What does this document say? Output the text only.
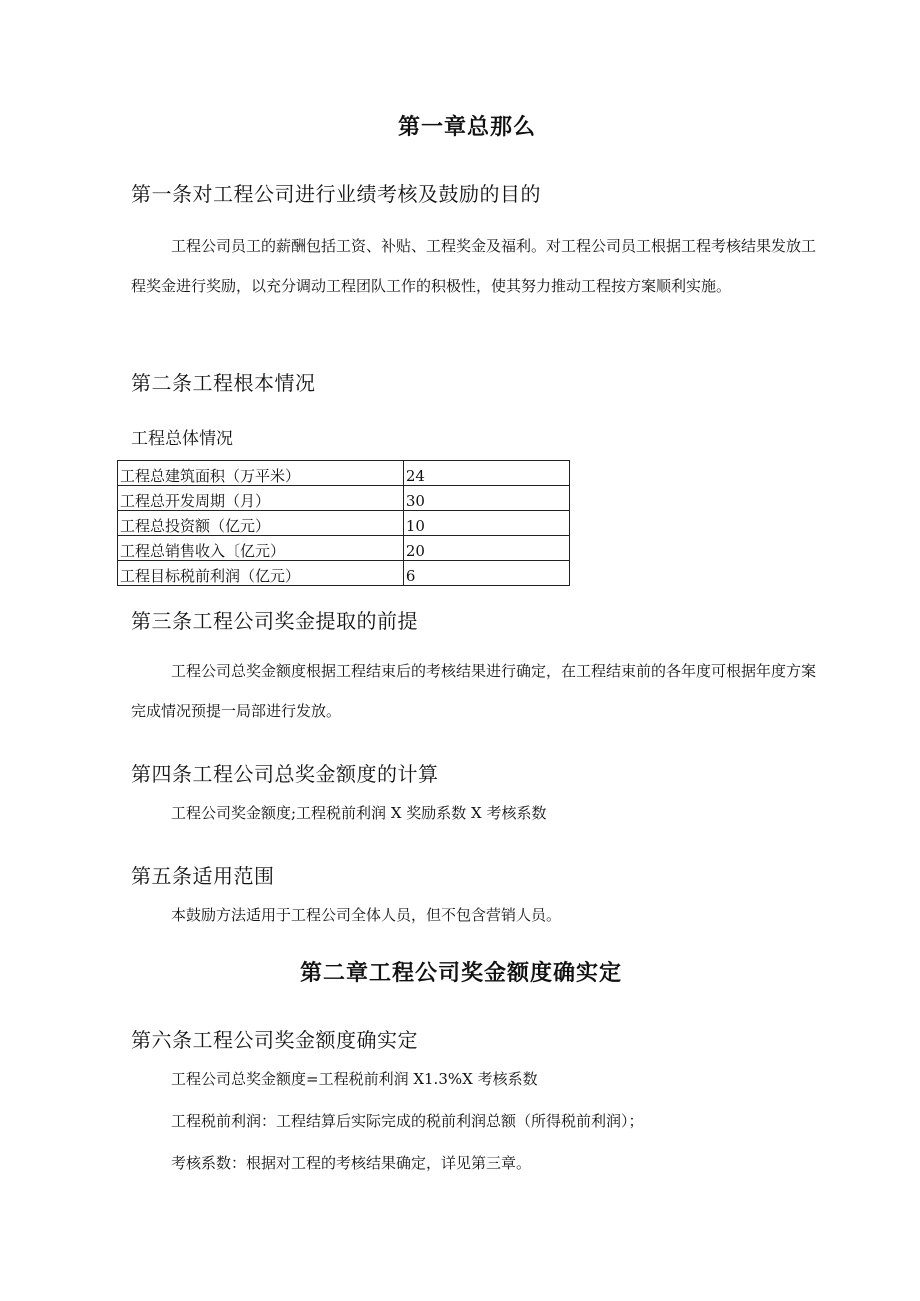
第一章总那么
第一条对工程公司进行业绩考核及鼓励的目的
工程公司员工的薪酬包括工资、补贴、工程奖金及福利。对工程公司员工根据工程考核结果发放工程奖金进行奖励，以充分调动工程团队工作的积极性，使其努力推动工程按方案顺利实施。
第二条工程根本情况
工程总体情况
工程总建筑面积（万平米）	24
工程总开发周期（月）	30
工程总投资额（亿元）	10
工程总销售收入〔亿元）	20
工程目标税前利润（亿元）	6
第三条工程公司奖金提取的前提
工程公司总奖金额度根据工程结束后的考核结果进行确定，在工程结束前的各年度可根据年度方案完成情况预提一局部进行发放。
第四条工程公司总奖金额度的计算
工程公司奖金额度;工程税前利润 X 奖励系数 X 考核系数
第五条适用范围
本鼓励方法适用于工程公司全体人员，但不包含营销人员。
第二章工程公司奖金额度确实定
第六条工程公司奖金额度确实定
工程公司总奖金额度=工程税前利润 X1.3%X 考核系数
工程税前利润：工程结算后实际完成的税前利润总额（所得税前利润）；
考核系数：根据对工程的考核结果确定，详见第三章。
